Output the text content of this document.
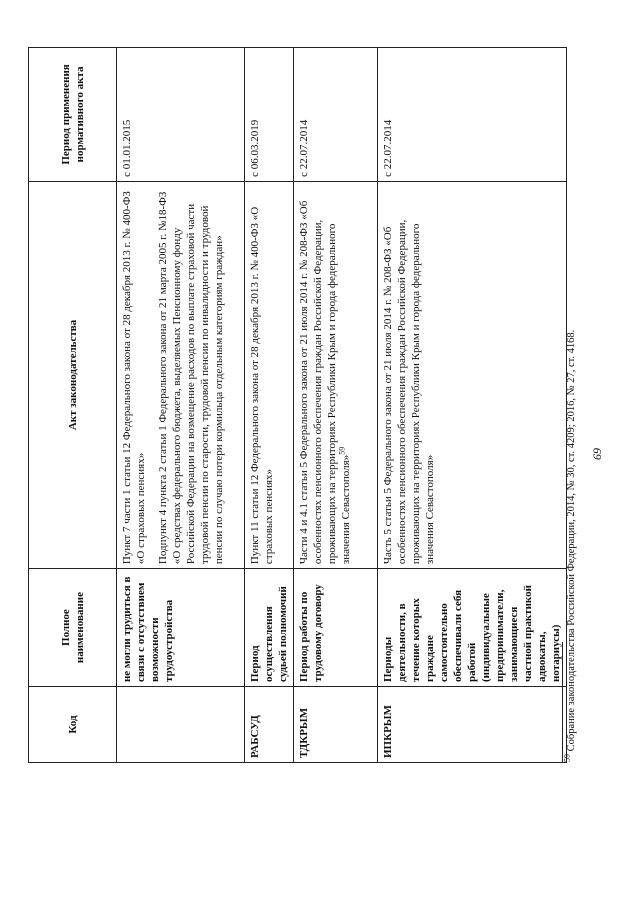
69
Код	Полное наименование	Акт законодательства	Период применения нормативного акта
	не могли трудиться в связи с отсутствием возможности трудоустройства	Пункт 7 части 1 статьи 12 Федерального закона от 28 декабря 2013 г. № 400-ФЗ «О страховых пенсиях» Подпункт 4 пункта 2 статьи 1 Федерального закона от 21 марта 2005 г. №18-ФЗ «О средствах федерального бюджета, выделяемых Пенсионному фонду Российской Федерации на возмещение расходов по выплате страховой части трудовой пенсии по старости, трудовой пенсии по инвалидности и трудовой пенсии по случаю потери кормильца отдельным категориям граждан»	с 01.01.2015
РАБСУД	Период осуществления судьей полномочий	Пункт 11 статьи 12 Федерального закона от 28 декабря 2013 г. № 400-ФЗ «О страховых пенсиях»	с 06.03.2019
ТДКРЫМ	Период работы по трудовому договору	Части 4 и 4.1 статьи 5 Федерального закона от 21 июля 2014 г. № 208-ФЗ «Об особенностях пенсионного обеспечения граждан Российской Федерации, проживающих на территориях Республики Крым и города федерального значения Севастополя»$^{59}$	с 22.07.2014
ИПКРЫМ	Периоды деятельности, в течение которых граждане самостоятельно обеспечивали себя работой (индивидуальные предприниматели, занимающиеся частной практикой адвокаты, нотариусы)	Часть 5 статьи 5 Федерального закона от 21 июля 2014 г. № 208-ФЗ «Об особенностях пенсионного обеспечения граждан Российской Федерации, проживающих на территориях Республики Крым и города федерального значения Севастополя»	с 22.07.2014
$^{59}$ Собрание законодательства Российской Федерации, 2014, № 30, ст. 4209; 2016, № 27, ст. 4168.
